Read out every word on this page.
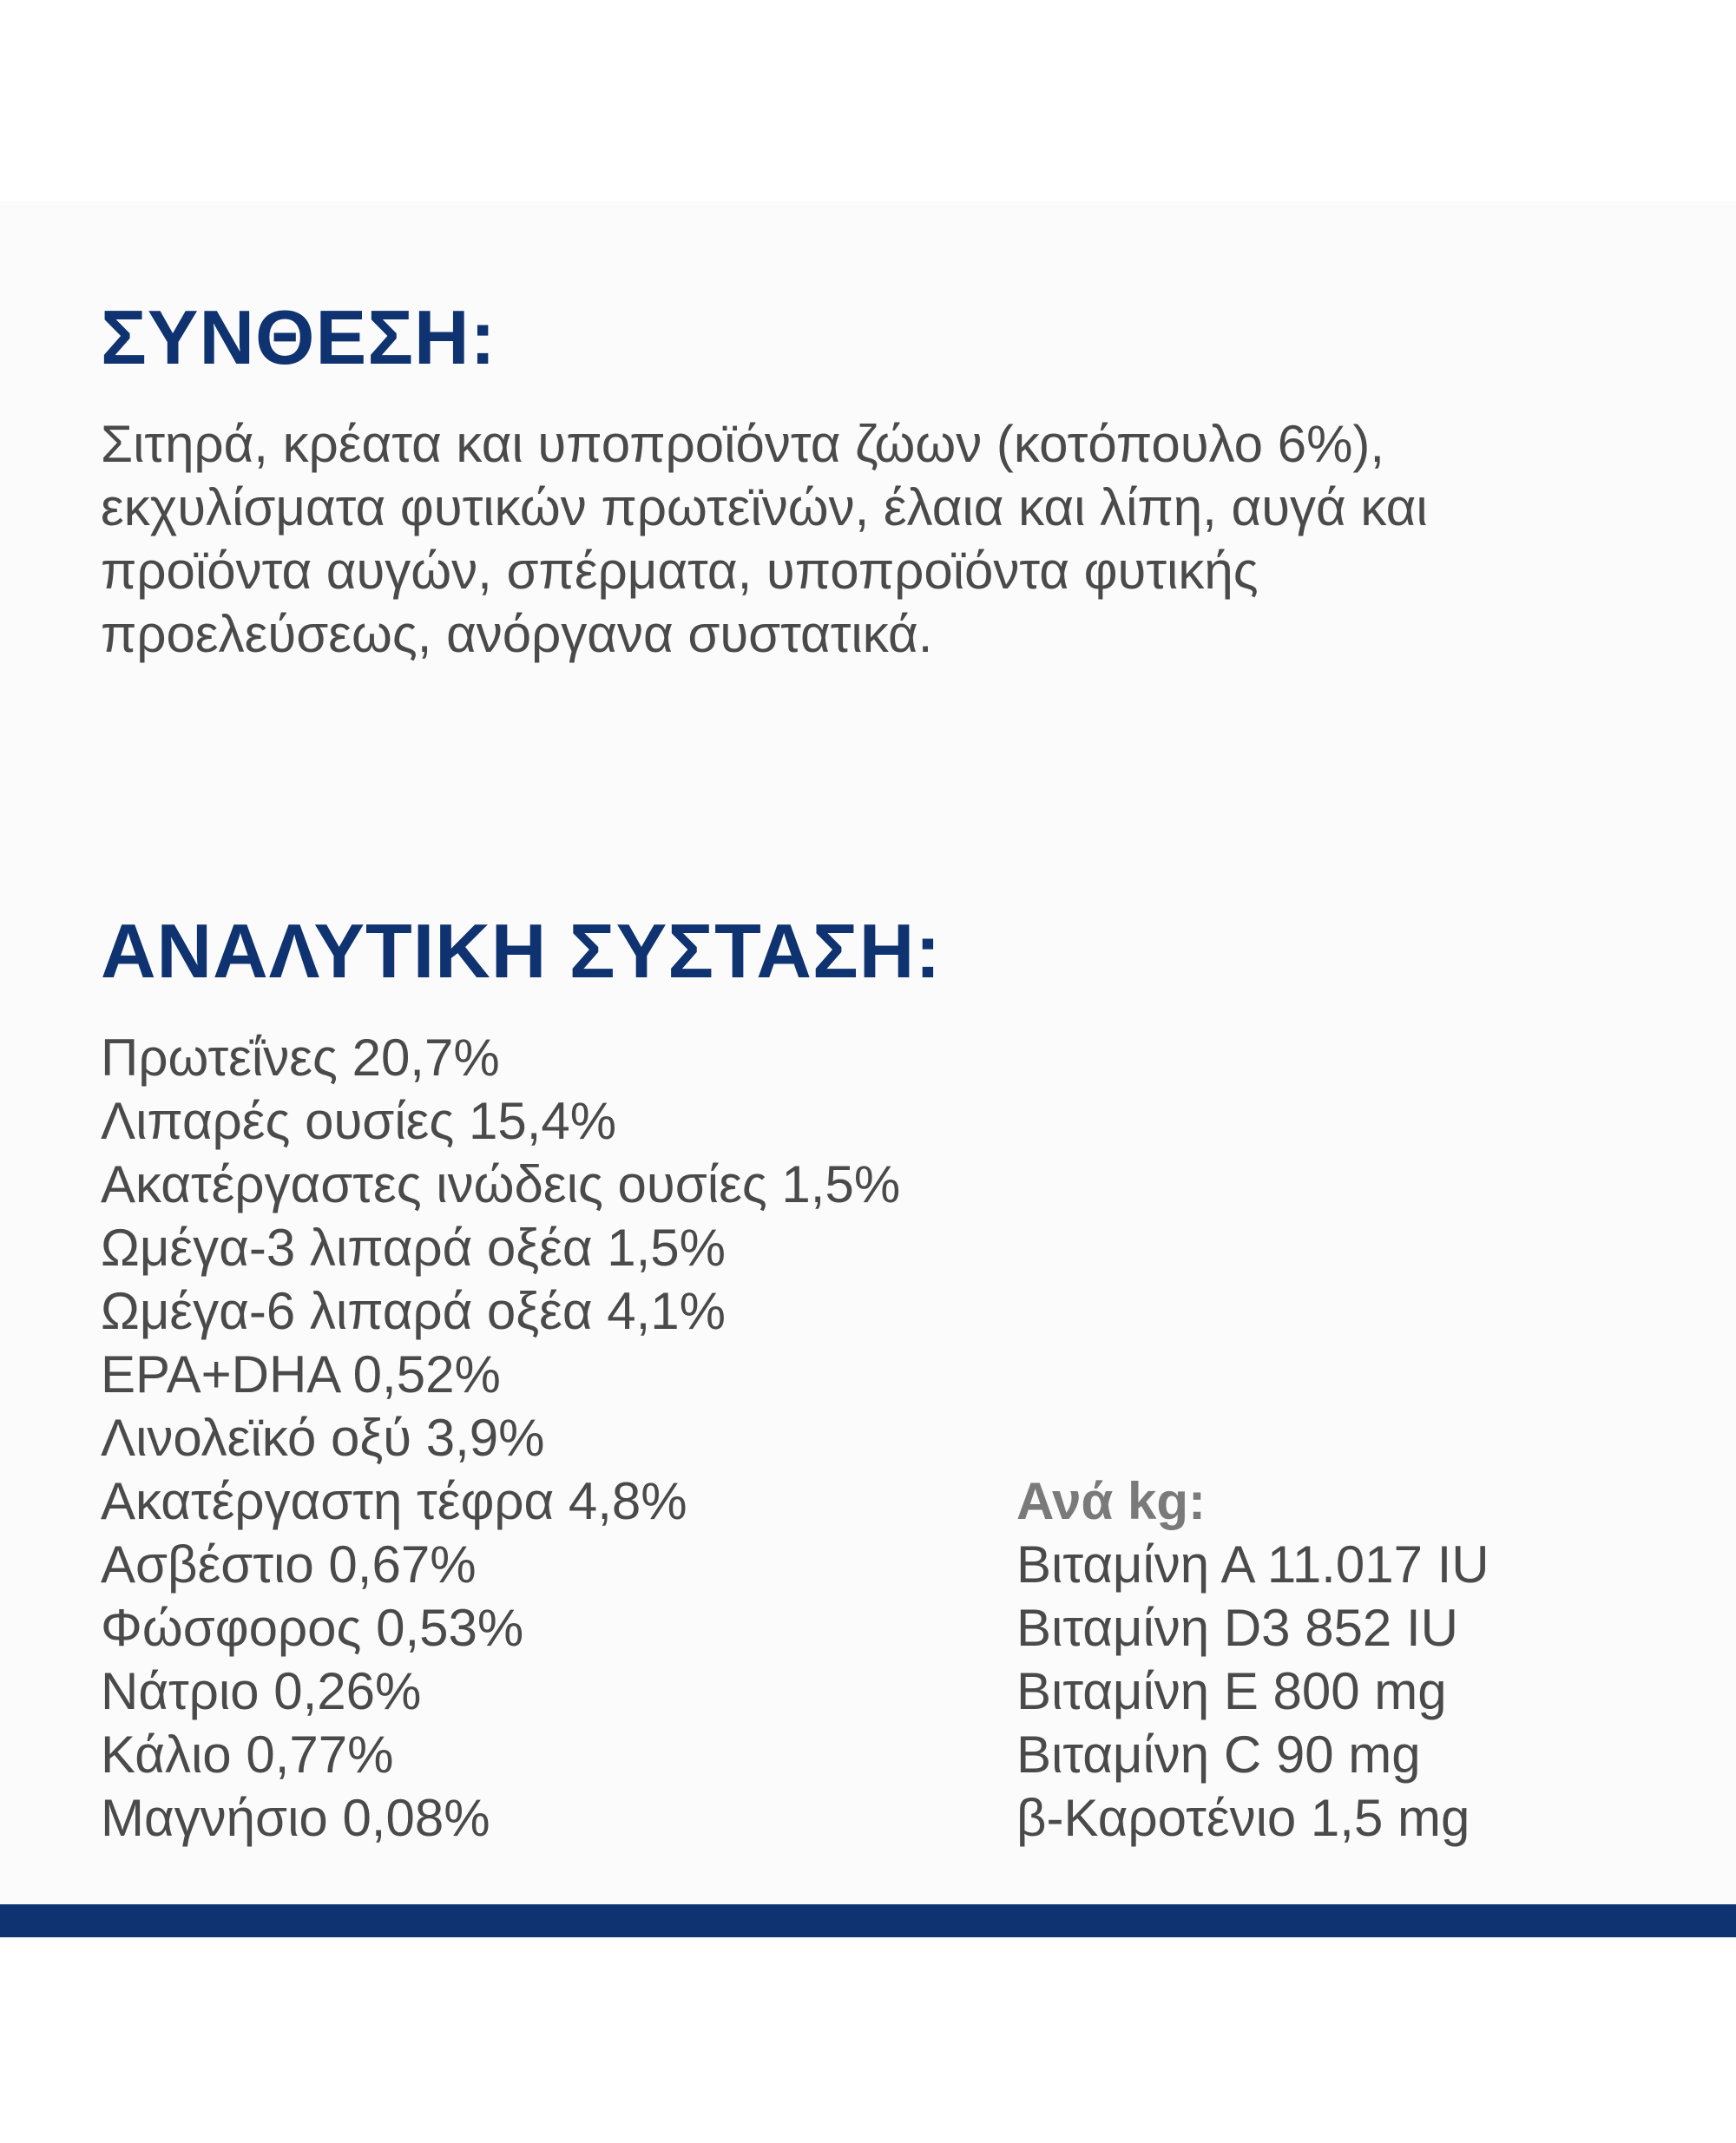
ΣΥΝΘΕΣΗ:

Σιτηρά, κρέατα και υποπροϊόντα ζώων (κοτόπουλο 6%),
εκχυλίσματα φυτικών πρωτεϊνών, έλαια και λίπη, αυγά και
προϊόντα αυγών, σπέρματα, υποπροϊόντα φυτικής
προελεύσεως, ανόργανα συστατικά.

ΑΝΑΛΥΤΙΚΗ ΣΥΣΤΑΣΗ:
Πρωτεΐνες 20,7%
Λιπαρές ουσίες 15,4%
Ακατέργαστες ινώδεις ουσίες 1,5%
Ωμέγα-3 λιπαρά οξέα 1,5%
Ωμέγα-6 λιπαρά οξέα 4,1%
EPA+DHA 0,52%
Λινολεϊκό οξύ 3,9%
Ακατέργαστη τέφρα 4,8%
Ασβέστιο 0,67%
Φώσφορος 0,53%
Νάτριο 0,26%
Κάλιο 0,77%
Μαγνήσιο 0,08%
Ανά kg:
Βιταμίνη Α 11.017 IU
Βιταμίνη D3 852 IU
Βιταμίνη Ε 800 mg
Βιταμίνη C 90 mg
β-Καροτένιο 1,5 mg
